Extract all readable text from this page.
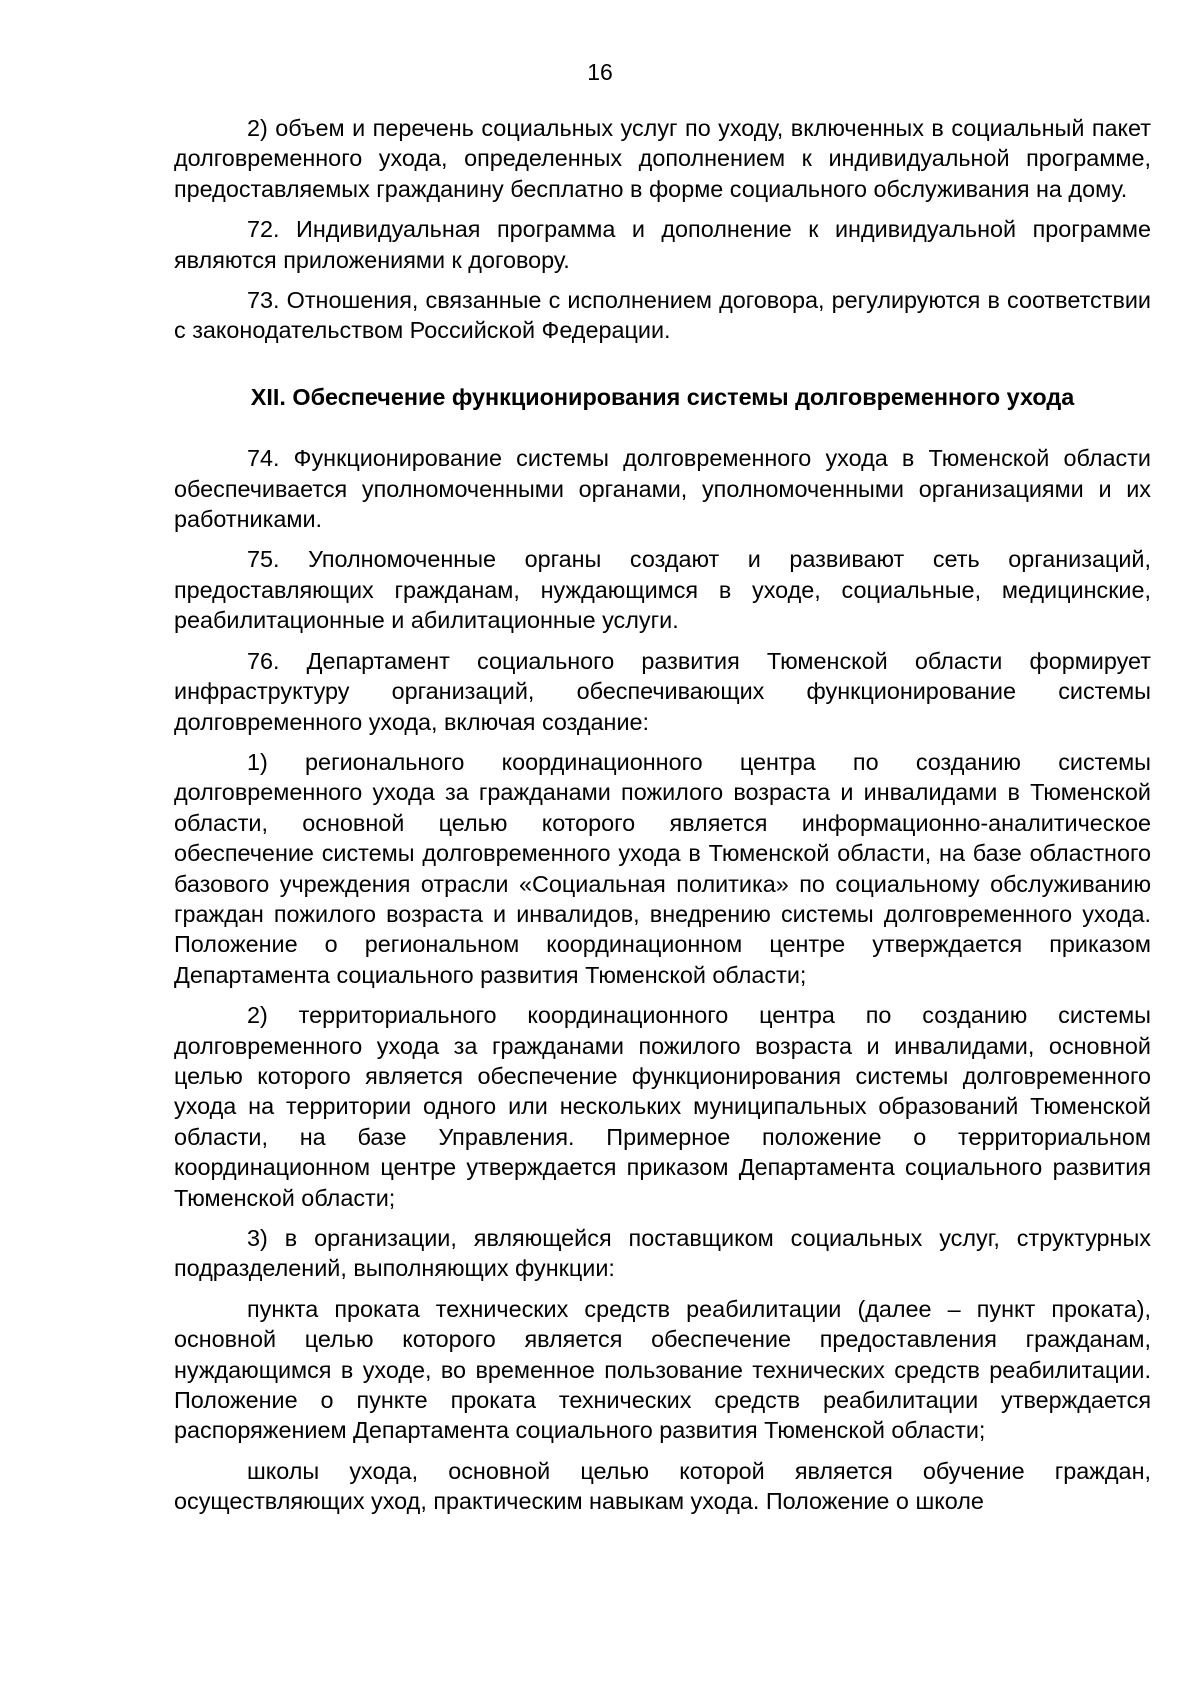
16

2) объем и перечень социальных услуг по уходу, включенных в социальный пакет долговременного ухода, определенных дополнением к индивидуальной программе, предоставляемых гражданину бесплатно в форме социального обслуживания на дому.

72. Индивидуальная программа и дополнение к индивидуальной программе являются приложениями к договору.

73. Отношения, связанные с исполнением договора, регулируются в соответствии с законодательством Российской Федерации.

XII. Обеспечение функционирования системы долговременного ухода

74. Функционирование системы долговременного ухода в Тюменской области обеспечивается уполномоченными органами, уполномоченными организациями и их работниками.

75. Уполномоченные органы создают и развивают сеть организаций, предоставляющих гражданам, нуждающимся в уходе, социальные, медицинские, реабилитационные и абилитационные услуги.

76. Департамент социального развития Тюменской области формирует инфраструктуру организаций, обеспечивающих функционирование системы долговременного ухода, включая создание:

1) регионального координационного центра по созданию системы долговременного ухода за гражданами пожилого возраста и инвалидами в Тюменской области, основной целью которого является информационно-аналитическое обеспечение системы долговременного ухода в Тюменской области, на базе областного базового учреждения отрасли «Социальная политика» по социальному обслуживанию граждан пожилого возраста и инвалидов, внедрению системы долговременного ухода. Положение о региональном координационном центре утверждается приказом Департамента социального развития Тюменской области;

2) территориального координационного центра по созданию системы долговременного ухода за гражданами пожилого возраста и инвалидами, основной целью которого является обеспечение функционирования системы долговременного ухода на территории одного или нескольких муниципальных образований Тюменской области, на базе Управления. Примерное положение о территориальном координационном центре утверждается приказом Департамента социального развития Тюменской области;

3) в организации, являющейся поставщиком социальных услуг, структурных подразделений, выполняющих функции:

пункта проката технических средств реабилитации (далее – пункт проката), основной целью которого является обеспечение предоставления гражданам, нуждающимся в уходе, во временное пользование технических средств реабилитации. Положение о пункте проката технических средств реабилитации утверждается распоряжением Департамента социального развития Тюменской области;

школы ухода, основной целью которой является обучение граждан, осуществляющих уход, практическим навыкам ухода. Положение о школе
